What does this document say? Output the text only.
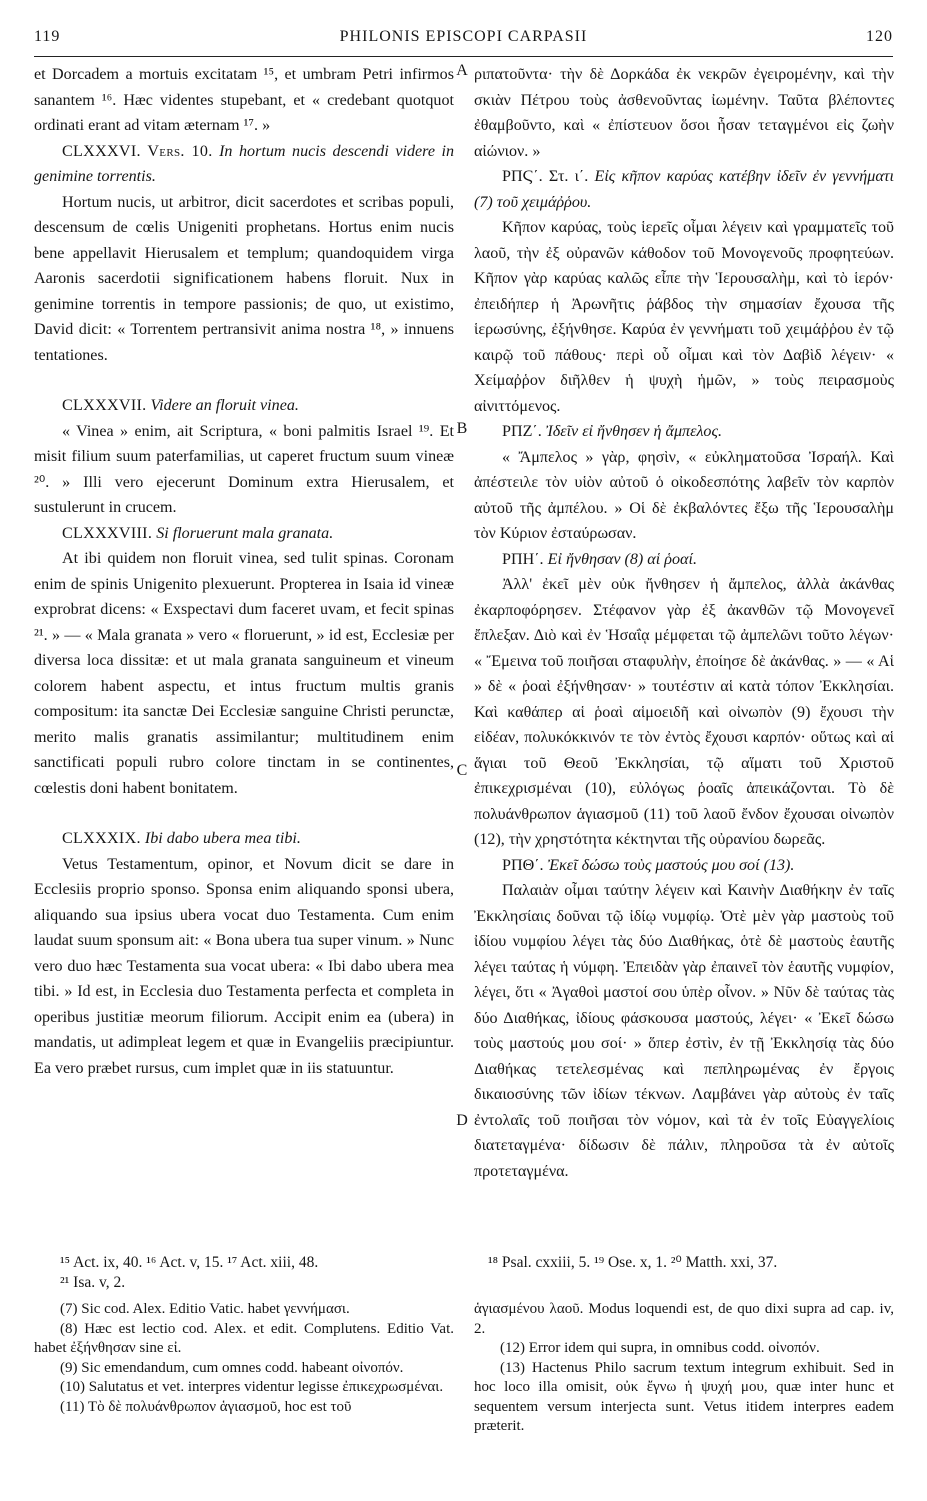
119	PHILONIS EPISCOPI CARPASII	120
A
B
C
D

et Dorcadem a mortuis excitatam ¹⁵, et umbram Petri infirmos sanantem ¹⁶. Hæc videntes stupebant, et « credebant quotquot ordinati erant ad vitam æternam ¹⁷. »

CLXXXVI. Vers. 10. In hortum nucis descendi videre in genimine torrentis.

Hortum nucis, ut arbitror, dicit sacerdotes et scribas populi, descensum de cœlis Unigeniti prophetans. Hortus enim nucis bene appellavit Hierusalem et templum; quandoquidem virga Aaronis sacerdotii significationem habens floruit. Nux in genimine torrentis in tempore passionis; de quo, ut existimo, David dicit: « Torrentem pertransivit anima nostra ¹⁸, » innuens tentationes.

CLXXXVII. Videre an floruit vinea.

« Vinea » enim, ait Scriptura, « boni palmitis Israel ¹⁹. Et misit filium suum paterfamilias, ut caperet fructum suum vineæ ²⁰. » Illi vero ejecerunt Dominum extra Hierusalem, et sustulerunt in crucem.

CLXXXVIII. Si floruerunt mala granata.

At ibi quidem non floruit vinea, sed tulit spinas. Coronam enim de spinis Unigenito plexuerunt. Propterea in Isaia id vineæ exprobrat dicens: « Exspectavi dum faceret uvam, et fecit spinas ²¹. » — « Mala granata » vero « floruerunt, » id est, Ecclesiæ per diversa loca dissitæ: et ut mala granata sanguineum et vineum colorem habent aspectu, et intus fructum multis granis compositum: ita sanctæ Dei Ecclesiæ sanguine Christi perunctæ, merito malis granatis assimilantur; multitudinem enim sanctificati populi rubro colore tinctam in se continentes, cœlestis doni habent bonitatem.

CLXXXIX. Ibi dabo ubera mea tibi.

Vetus Testamentum, opinor, et Novum dicit se dare in Ecclesiis proprio sponso. Sponsa enim aliquando sponsi ubera, aliquando sua ipsius ubera vocat duo Testamenta. Cum enim laudat suum sponsum ait: « Bona ubera tua super vinum. » Nunc vero duo hæc Testamenta sua vocat ubera: « Ibi dabo ubera mea tibi. » Id est, in Ecclesia duo Testamenta perfecta et completa in operibus justitiæ meorum filiorum. Accipit enim ea (ubera) in mandatis, ut adimpleat legem et quæ in Evangeliis præcipiuntur. Ea vero præbet rursus, cum implet quæ in iis statuuntur.

ριπατοῦντα· τὴν δὲ Δορκάδα ἐκ νεκρῶν ἐγειρομένην, καὶ τὴν σκιὰν Πέτρου τοὺς ἀσθενοῦντας ἰωμένην. Ταῦτα βλέποντες ἐθαμβοῦντο, καὶ « ἐπίστευον ὅσοι ἦσαν τεταγμένοι εἰς ζωὴν αἰώνιον. »

ΡΠϚ΄. Στ. ι΄. Εἰς κῆπον καρύας κατέβην ἰδεῖν ἐν γεννήματι (7) τοῦ χειμάῤῥου.

Κῆπον καρύας, τοὺς ἱερεῖς οἶμαι λέγειν καὶ γραμματεῖς τοῦ λαοῦ, τὴν ἐξ οὐρανῶν κάθοδον τοῦ Μονογενοῦς προφητεύων. Κῆπον γὰρ καρύας καλῶς εἶπε τὴν Ἱερουσαλὴμ, καὶ τὸ ἱερόν· ἐπειδήπερ ἡ Ἀρωνῆτις ῥάβδος τὴν σημασίαν ἔχουσα τῆς ἱερωσύνης, ἐξήνθησε. Καρύα ἐν γεννήματι τοῦ χειμάῤῥου ἐν τῷ καιρῷ τοῦ πάθους· περὶ οὗ οἶμαι καὶ τὸν Δαβὶδ λέγειν· « Χείμαῤῥον διῆλθεν ἡ ψυχὴ ἡμῶν, » τοὺς πειρασμοὺς αἰνιττόμενος.

ΡΠΖ΄. Ἰδεῖν εἰ ἤνθησεν ἡ ἄμπελος.

« Ἄμπελος » γὰρ, φησὶν, « εὐκληματοῦσα Ἰσραήλ. Καὶ ἀπέστειλε τὸν υἱὸν αὐτοῦ ὁ οἰκοδεσπότης λαβεῖν τὸν καρπὸν αὐτοῦ τῆς ἀμπέλου. » Οἱ δὲ ἐκβαλόντες ἔξω τῆς Ἱερουσαλὴμ τὸν Κύριον ἐσταύρωσαν.

ΡΠΗ΄. Εἰ ἤνθησαν (8) αἱ ῥοαί.

Ἀλλ' ἐκεῖ μὲν οὐκ ἤνθησεν ἡ ἄμπελος, ἀλλὰ ἀκάνθας ἐκαρποφόρησεν. Στέφανον γὰρ ἐξ ἀκανθῶν τῷ Μονογενεῖ ἔπλεξαν. Διὸ καὶ ἐν Ἡσαΐᾳ μέμφεται τῷ ἀμπελῶνι τοῦτο λέγων· « Ἔμεινα τοῦ ποιῆσαι σταφυλὴν, ἐποίησε δὲ ἀκάνθας. » — « Αἱ » δὲ « ῥοαὶ ἐξήνθησαν· » τουτέστιν αἱ κατὰ τόπον Ἐκκλησίαι. Καὶ καθάπερ αἱ ῥοαὶ αἱμοειδῆ καὶ οἰνωπὸν (9) ἔχουσι τὴν εἰδέαν, πολυκόκκινόν τε τὸν ἐντὸς ἔχουσι καρπόν· οὕτως καὶ αἱ ἅγιαι τοῦ Θεοῦ Ἐκκλησίαι, τῷ αἵματι τοῦ Χριστοῦ ἐπικεχρισμέναι (10), εὐλόγως ῥοαῖς ἀπεικάζονται. Τὸ δὲ πολυάνθρωπον ἁγιασμοῦ (11) τοῦ λαοῦ ἔνδον ἔχουσαι οἰνωπὸν (12), τὴν χρηστότητα κέκτηνται τῆς οὐρανίου δωρεᾶς.

ΡΠΘ΄. Ἐκεῖ δώσω τοὺς μαστούς μου σοί (13).

Παλαιὰν οἶμαι ταύτην λέγειν καὶ Καινὴν Διαθήκην ἐν ταῖς Ἐκκλησίαις δοῦναι τῷ ἰδίῳ νυμφίῳ. Ὁτὲ μὲν γὰρ μαστοὺς τοῦ ἰδίου νυμφίου λέγει τὰς δύο Διαθήκας, ὁτὲ δὲ μαστοὺς ἑαυτῆς λέγει ταύτας ἡ νύμφη. Ἐπειδὰν γὰρ ἐπαινεῖ τὸν ἑαυτῆς νυμφίον, λέγει, ὅτι « Ἀγαθοὶ μαστοί σου ὑπὲρ οἶνον. » Νῦν δὲ ταύτας τὰς δύο Διαθήκας, ἰδίους φάσκουσα μαστούς, λέγει· « Ἐκεῖ δώσω τοὺς μαστούς μου σοί· » ὅπερ ἐστὶν, ἐν τῇ Ἐκκλησίᾳ τὰς δύο Διαθήκας τετελεσμένας καὶ πεπληρωμένας ἐν ἔργοις δικαιοσύνης τῶν ἰδίων τέκνων. Λαμβάνει γὰρ αὐτοὺς ἐν ταῖς ἐντολαῖς τοῦ ποιῆσαι τὸν νόμον, καὶ τὰ ἐν τοῖς Εὐαγγελίοις διατεταγμένα· δίδωσιν δὲ πάλιν, πληροῦσα τὰ ἐν αὐτοῖς προτεταγμένα.

¹⁵ Act. ix, 40. ¹⁶ Act. v, 15. ¹⁷ Act. xiii, 48.	¹⁸ Psal. cxxiii, 5. ¹⁹ Ose. x, 1. ²⁰ Matth. xxi, 37.
²¹ Isa. v, 2.

(7) Sic cod. Alex. Editio Vatic. habet γεννήμασι.

(8) Hæc est lectio cod. Alex. et edit. Complutens. Editio Vat. habet ἐξήνθησαν sine εἰ.

(9) Sic emendandum, cum omnes codd. habeant οἰνοπόν.

(10) Salutatus et vet. interpres videntur legisse ἐπικεχρωσμέναι.

(11) Τὸ δὲ πολυάνθρωπον ἁγιασμοῦ, hoc est τοῦ

ἁγιασμένου λαοῦ. Modus loquendi est, de quo dixi supra ad cap. iv, 2.

(12) Error idem qui supra, in omnibus codd. οἰνοπόν.

(13) Hactenus Philo sacrum textum integrum exhibuit. Sed in hoc loco illa omisit, οὐκ ἔγνω ἡ ψυχή μου, quæ inter hunc et sequentem versum interjecta sunt. Vetus itidem interpres eadem præterit.
